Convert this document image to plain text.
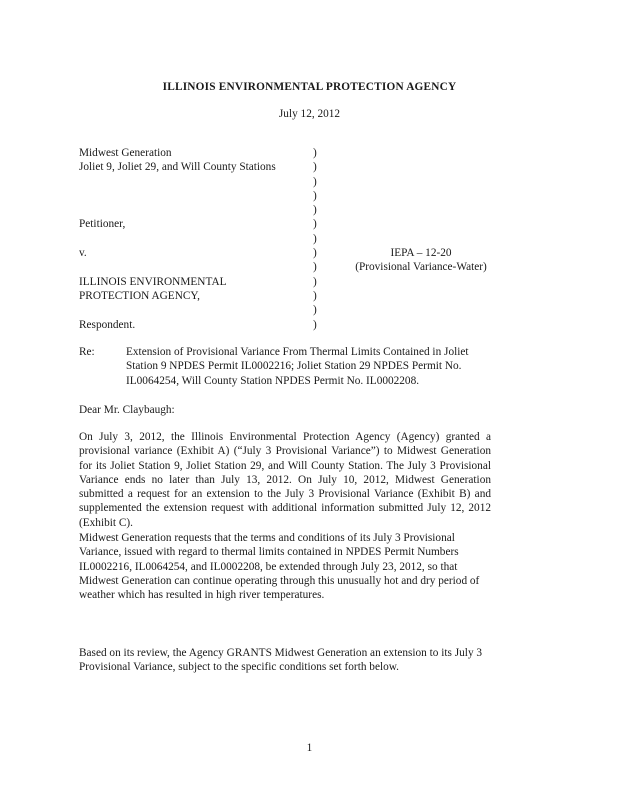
ILLINOIS ENVIRONMENTAL PROTECTION AGENCY
July 12, 2012
Midwest Generation	)
Joliet 9, Joliet 29, and Will County Stations	)
)
)
)
Petitioner,	)
)
v.	)	IEPA – 12-20
)	(Provisional Variance-Water)
ILLINOIS ENVIRONMENTAL	)
PROTECTION AGENCY,	)
)
Respondent.	)
Re:	Extension of Provisional Variance From Thermal Limits Contained in Joliet Station 9 NPDES Permit IL0002216; Joliet Station 29 NPDES Permit No. IL0064254, Will County Station NPDES Permit No. IL0002208.
Dear Mr. Claybaugh:
On July 3, 2012, the Illinois Environmental Protection Agency (Agency) granted a provisional variance (Exhibit A) (“July 3 Provisional Variance”) to Midwest Generation for its Joliet Station 9, Joliet Station 29, and Will County Station. The July 3 Provisional Variance ends no later than July 13, 2012. On July 10, 2012, Midwest Generation submitted a request for an extension to the July 3 Provisional Variance (Exhibit B) and supplemented the extension request with additional information submitted July 12, 2012 (Exhibit C).
Midwest Generation requests that the terms and conditions of its July 3 Provisional Variance, issued with regard to thermal limits contained in NPDES Permit Numbers IL0002216, IL0064254, and IL0002208, be extended through July 23, 2012, so that Midwest Generation can continue operating through this unusually hot and dry period of weather which has resulted in high river temperatures.
Based on its review, the Agency GRANTS Midwest Generation an extension to its July 3 Provisional Variance, subject to the specific conditions set forth below.
1
